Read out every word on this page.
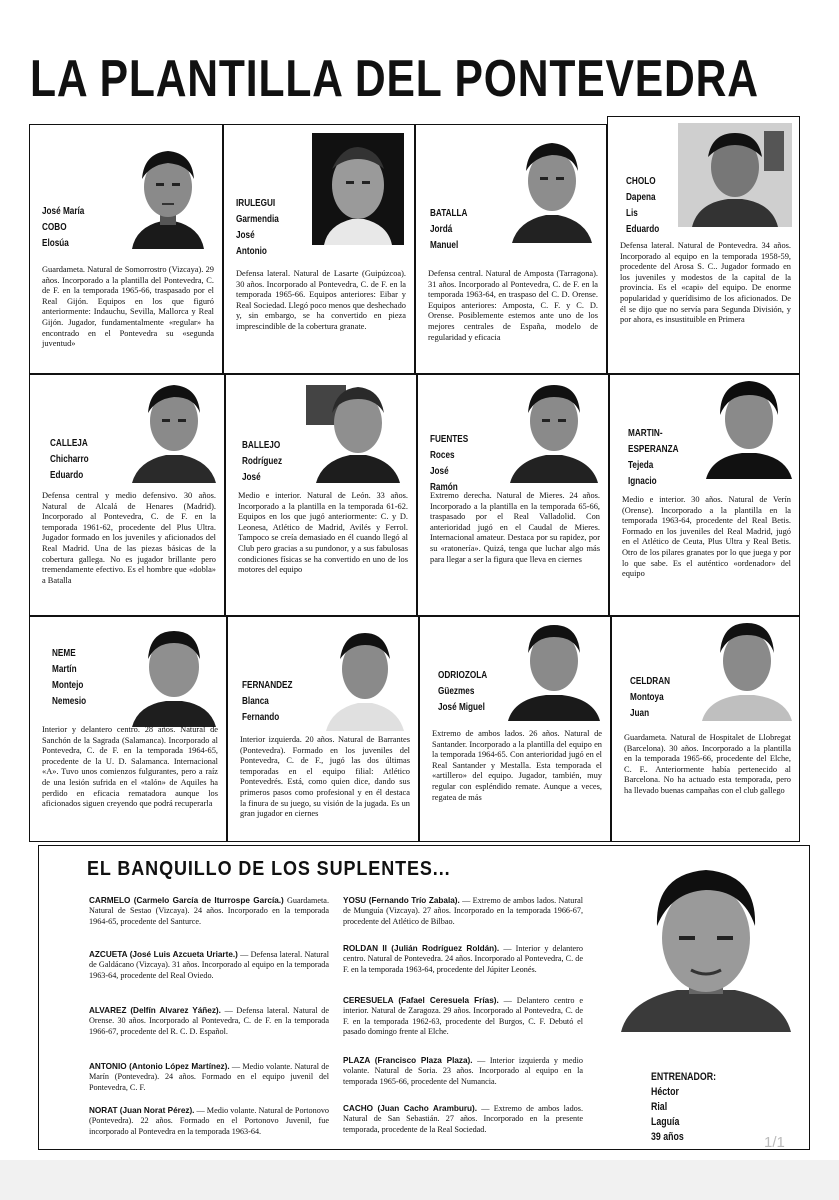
LA PLANTILLA DEL PONTEVEDRA
José María
COBO
Elosúa
Guardameta. Natural de Somorrostro (Vizcaya). 29 años. Incorporado a la plantilla del Pontevedra, C. de F. en la temporada 1965-66, traspasado por el Real Gijón. Equipos en los que figuró anteriormente: Indauchu, Sevilla, Mallorca y Real Gijón. Jugador, fundamentalmente «regular» ha encontrado en el Pontevedra su «segunda juventud»
IRULEGUI
Garmendia
José
Antonio
Defensa lateral. Natural de Lasarte (Guipúzcoa). 30 años. Incorporado al Pontevedra, C. de F. en la temporada 1965-66. Equipos anteriores: Eibar y Real Sociedad. Llegó poco menos que deshechado y, sin embargo, se ha convertido en pieza imprescindible de la cobertura granate.
BATALLA
Jordá
Manuel
Defensa central. Natural de Amposta (Tarragona). 31 años. Incorporado al Pontevedra, C. de F. en la temporada 1963-64, en traspaso del C. D. Orense. Equipos anteriores: Amposta, C. F. y C. D. Orense. Posiblemente estemos ante uno de los mejores centrales de España, modelo de regularidad y eficacia
CHOLO
Dapena
Lis
Eduardo
Defensa lateral. Natural de Pontevedra. 34 años. Incorporado al equipo en la temporada 1958-59, procedente del Arosa S. C.. Jugador formado en los juveniles y modestos de la capital de la provincia. Es el «capi» del equipo. De enorme popularidad y querídisimo de los aficionados. De él se dijo que no servía para Segunda División, y por ahora, es insustituible en Primera
CALLEJA
Chicharro
Eduardo
Defensa central y medio defensivo. 30 años. Natural de Alcalá de Henares (Madrid). Incorporado al Pontevedra, C. de F. en la temporada 1961-62, procedente del Plus Ultra. Jugador formado en los juveniles y aficionados del Real Madrid. Una de las piezas básicas de la cobertura gallega. No es jugador brillante pero tremendamente efectivo. Es el hombre que «dobla» a Batalla
BALLEJO
Rodríguez
José
Medio e interior. Natural de León. 33 años. Incorporado a la plantilla en la temporada 61-62. Equipos en los que jugó anteriormente: C. y D. Leonesa, Atlético de Madrid, Avilés y Ferrol. Tampoco se creía demasiado en él cuando llegó al Club pero gracias a su pundonor, y a sus fabulosas condiciones físicas se ha convertido en uno de los motores del equipo
FUENTES
Roces
José
Ramón
Extremo derecha. Natural de Mieres. 24 años. Incorporado a la plantilla en la temporada 65-66, traspasado por el Real Valladolid. Con anterioridad jugó en el Caudal de Mieres. Internacional amateur. Destaca por su rapidez, por su «ratonería». Quizá, tenga que luchar algo más para llegar a ser la figura que lleva en ciernes
MARTIN-
ESPERANZA
Tejeda
Ignacio
Medio e interior. 30 años. Natural de Verín (Orense). Incorporado a la plantilla en la temporada 1963-64, procedente del Real Betis. Formado en los juveniles del Real Madrid, jugó en el Atlético de Ceuta, Plus Ultra y Real Betis. Otro de los pilares granates por lo que juega y por lo que sabe. Es el auténtico «ordenador» del equipo
NEME
Martín
Montejo
Nemesio
Interior y delantero centro. 28 años. Natural de Sanchón de la Sagrada (Salamanca). Incorporado al Pontevedra, C. de F. en la temporada 1964-65, procedente de la U. D. Salamanca. Internacional «A». Tuvo unos comienzos fulgurantes, pero a raíz de una lesión sufrida en el «talón» de Aquiles ha perdido en eficacia rematadora aunque los aficionados siguen creyendo que podrá recuperarla
FERNANDEZ
Blanca
Fernando
Interior izquierda. 20 años. Natural de Barrantes (Pontevedra). Formado en los juveniles del Pontevedra, C. de F., jugó las dos últimas temporadas en el equipo filial: Atlético Pontevedrés. Está, como quien dice, dando sus primeros pasos como profesional y en él destaca la finura de su juego, su visión de la jugada. Es un gran jugador en ciernes
ODRIOZOLA
Güezmes
José Miguel
Extremo de ambos lados. 26 años. Natural de Santander. Incorporado a la plantilla del equipo en la temporada 1964-65. Con anterioridad jugó en el Real Santander y Mestalla. Esta temporada el «artillero» del equipo. Jugador, también, muy regular con espléndido remate. Aunque a veces, regatea de más
CELDRAN
Montoya
Juan
Guardameta. Natural de Hospitalet de Llobregat (Barcelona). 30 años. Incorporado a la plantilla en la temporada 1965-66, procedente del Elche, C. F.. Anteriormente había pertenecido al Barcelona. No ha actuado esta temporada, pero ha llevado buenas campañas con el club gallego
EL BANQUILLO DE LOS SUPLENTES...
CARMELO (Carmelo García de Iturrospe García.) Guardameta. Natural de Sestao (Vizcaya). 24 años. Incorporado en la temporada 1964-65, procedente del Santurce.
AZCUETA (José Luis Azcueta Uriarte.) — Defensa lateral. Natural de Galdácano (Vizcaya). 31 años. Incorporado al equipo en la temporada 1963-64, procedente del Real Oviedo.
ALVAREZ (Delfín Alvarez Yáñez). — Defensa lateral. Natural de Orense. 30 años. Incorporado al Pontevedra, C. de F. en la temporada 1966-67, procedente del R. C. D. Español.
ANTONIO (Antonio López Martínez). — Medio volante. Natural de Marín (Pontevedra). 24 años. Formado en el equipo juvenil del Pontevedra, C. F.
NORAT (Juan Norat Pérez). — Medio volante. Natural de Portonovo (Pontevedra). 22 años. Formado en el Portonovo Juvenil, fue incorporado al Pontevedra en la temporada 1963-64.
YOSU (Fernando Trío Zabala). — Extremo de ambos lados. Natural de Munguía (Vizcaya). 27 años. Incorporado en la temporada 1966-67, procedente del Atlético de Bilbao.
ROLDAN II (Julián Rodríguez Roldán). — Interior y delantero centro. Natural de Pontevedra. 24 años. Incorporado al Pontevedra, C. de F. en la temporada 1963-64, procedente del Júpiter Leonés.
CERESUELA (Fafael Ceresuela Frías). — Delantero centro e interior. Natural de Zaragoza. 29 años. Incorporado al Pontevedra, C. de F. en la temporada 1962-63, procedente del Burgos, C. F. Debutó el pasado domingo frente al Elche.
PLAZA (Francisco Plaza Plaza). — Interior izquierda y medio volante. Natural de Soria. 23 años. Incorporado al equipo en la temporada 1965-66, procedente del Numancia.
CACHO (Juan Cacho Aramburu). — Extremo de ambos lados. Natural de San Sebastián. 27 años. Incorporado en la presente temporada, procedente de la Real Sociedad.
ENTRENADOR:
Héctor
Rial
Laguía
39 años	1/1
